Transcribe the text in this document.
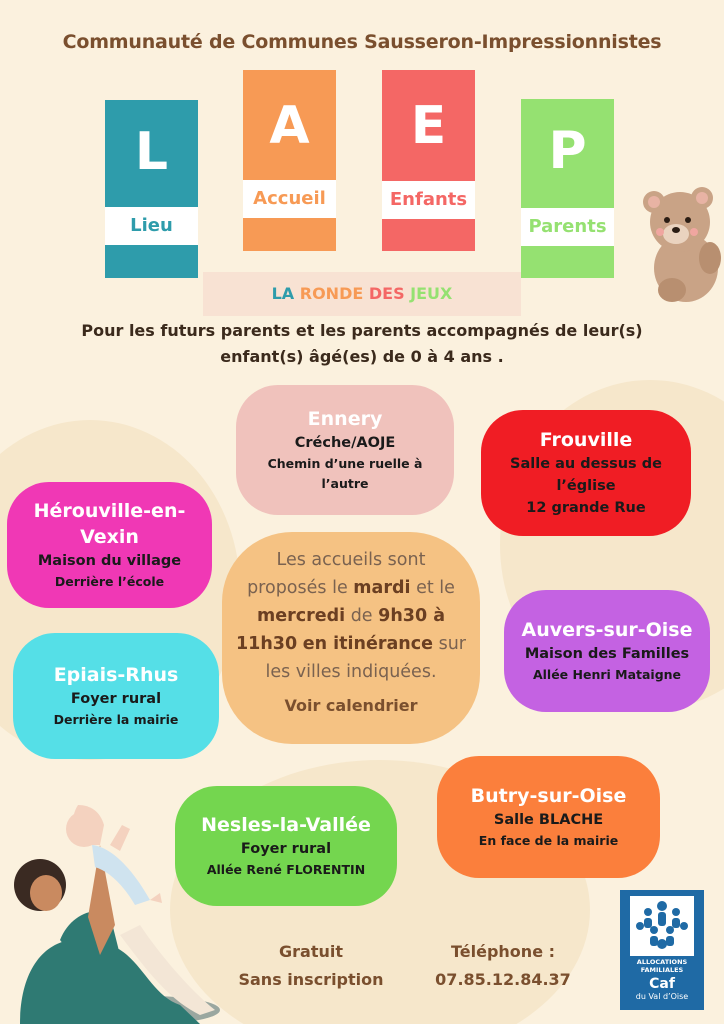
Communauté de Communes Sausseron-Impressionnistes
L
Lieu
A
Accueil
E
Enfants
P
Parents
LA RONDE DES JEUX
Pour les futurs parents et les parents accompagnés de leur(s)
enfant(s) âgé(es) de 0 à 4 ans .
Ennery
Créche/AOJE
Chemin d’une ruelle à
l’autre
Frouville
Salle au dessus de
l’église
12 grande Rue
Hérouville-en-
Vexin
Maison du village
Derrière l’école
Les accueils sont
proposés le mardi et le
mercredi de 9h30 à
11h30 en itinérance sur
les villes indiquées.
Voir calendrier
Auvers-sur-Oise
Maison des Familles
Allée Henri Mataigne
Epiais-Rhus
Foyer rural
Derrière la mairie
Butry-sur-Oise
Salle BLACHE
En face de la mairie
Nesles-la-Vallée
Foyer rural
Allée René FLORENTIN
Gratuit
Sans inscription
Téléphone :
07.85.12.84.37
ALLOCATIONS
FAMILIALES
Caf
du Val d’Oise
